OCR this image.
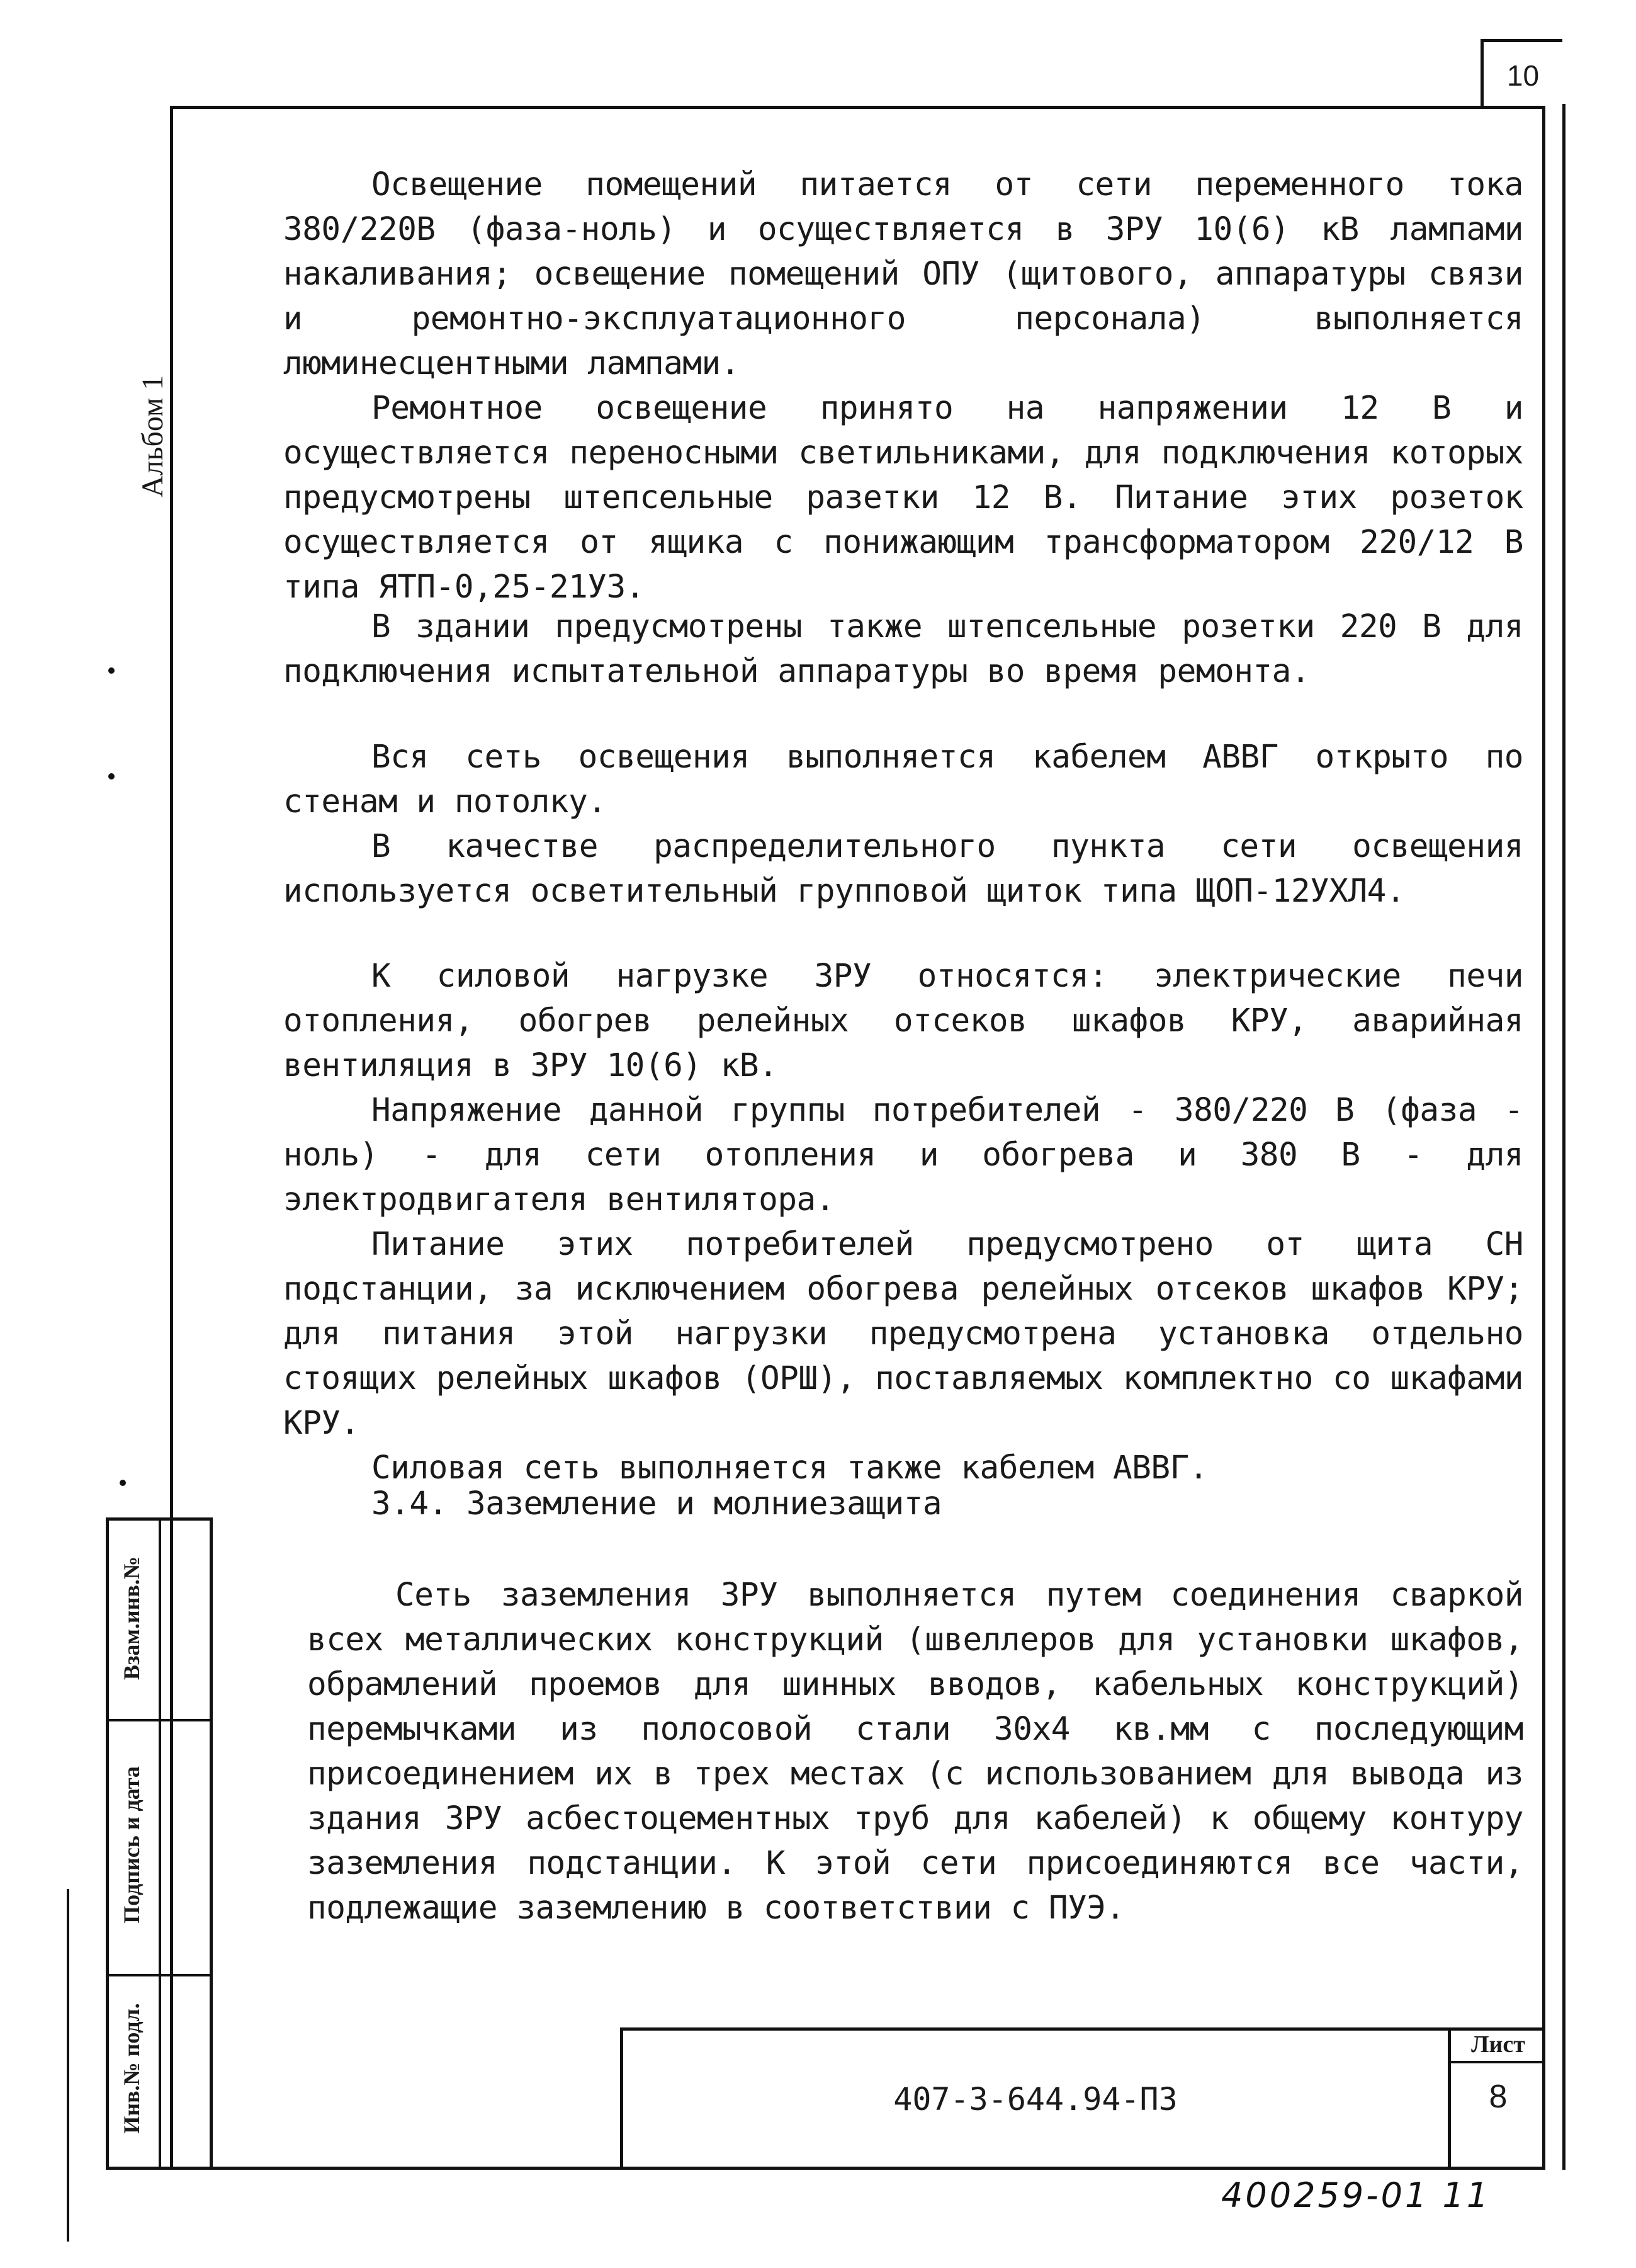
10
Альбом 1
Взам.инв.№
Подпись и дата
Инв.№ подл.

Освещение помещений питается от сети переменного тока 380/220В (фаза-ноль) и осуществляется в ЗРУ 10(6) кВ лампами накаливания; освещение помещений ОПУ (щитового, аппаратуры связи и ремонтно-эксплуатационного персонала) выполняется люминесцентными лампами.

Ремонтное освещение принято на напряжении 12 В и осуществляется переносными светильниками, для подключения которых предусмотрены штепсельные разетки 12 В. Питание этих розеток осуществляется от ящика с понижающим трансформатором 220/12 В типа ЯТП-0,25-21УЗ.

В здании предусмотрены также штепсельные розетки 220 В для подключения испытательной аппаратуры во время ремонта.

Вся сеть освещения выполняется кабелем АВВГ открыто по стенам и потолку.

В качестве распределительного пункта сети освещения используется осветительный групповой щиток типа ЩОП-12УХЛ4.

К силовой нагрузке ЗРУ относятся: электрические печи отопления, обогрев релейных отсеков шкафов КРУ, аварийная вентиляция в ЗРУ 10(6) кВ.

Напряжение данной группы потребителей - 380/220 В (фаза - ноль) - для сети отопления и обогрева и 380 В - для электродвигателя вентилятора.

Питание этих потребителей предусмотрено от щита СН подстанции, за исключением обогрева релейных отсеков шкафов КРУ; для питания этой нагрузки предусмотрена установка отдельно стоящих релейных шкафов (ОРШ), поставляемых комплектно со шкафами КРУ.

Силовая сеть выполняется также кабелем АВВГ.

3.4. Заземление и молниезащита

Сеть заземления ЗРУ выполняется путем соединения сваркой всех металлических конструкций (швеллеров для установки шкафов, обрамлений проемов для шинных вводов, кабельных конструкций) перемычками из полосовой стали 30х4 кв.мм с последующим присоединением их в трех местах (с использованием для вывода из здания ЗРУ асбестоцементных труб для кабелей) к общему контуру заземления подстанции. К этой сети присоединяются все части, подлежащие заземлению в соответствии с ПУЭ.

407-3-644.94-ПЗ
Лист
8
400259-01 11
